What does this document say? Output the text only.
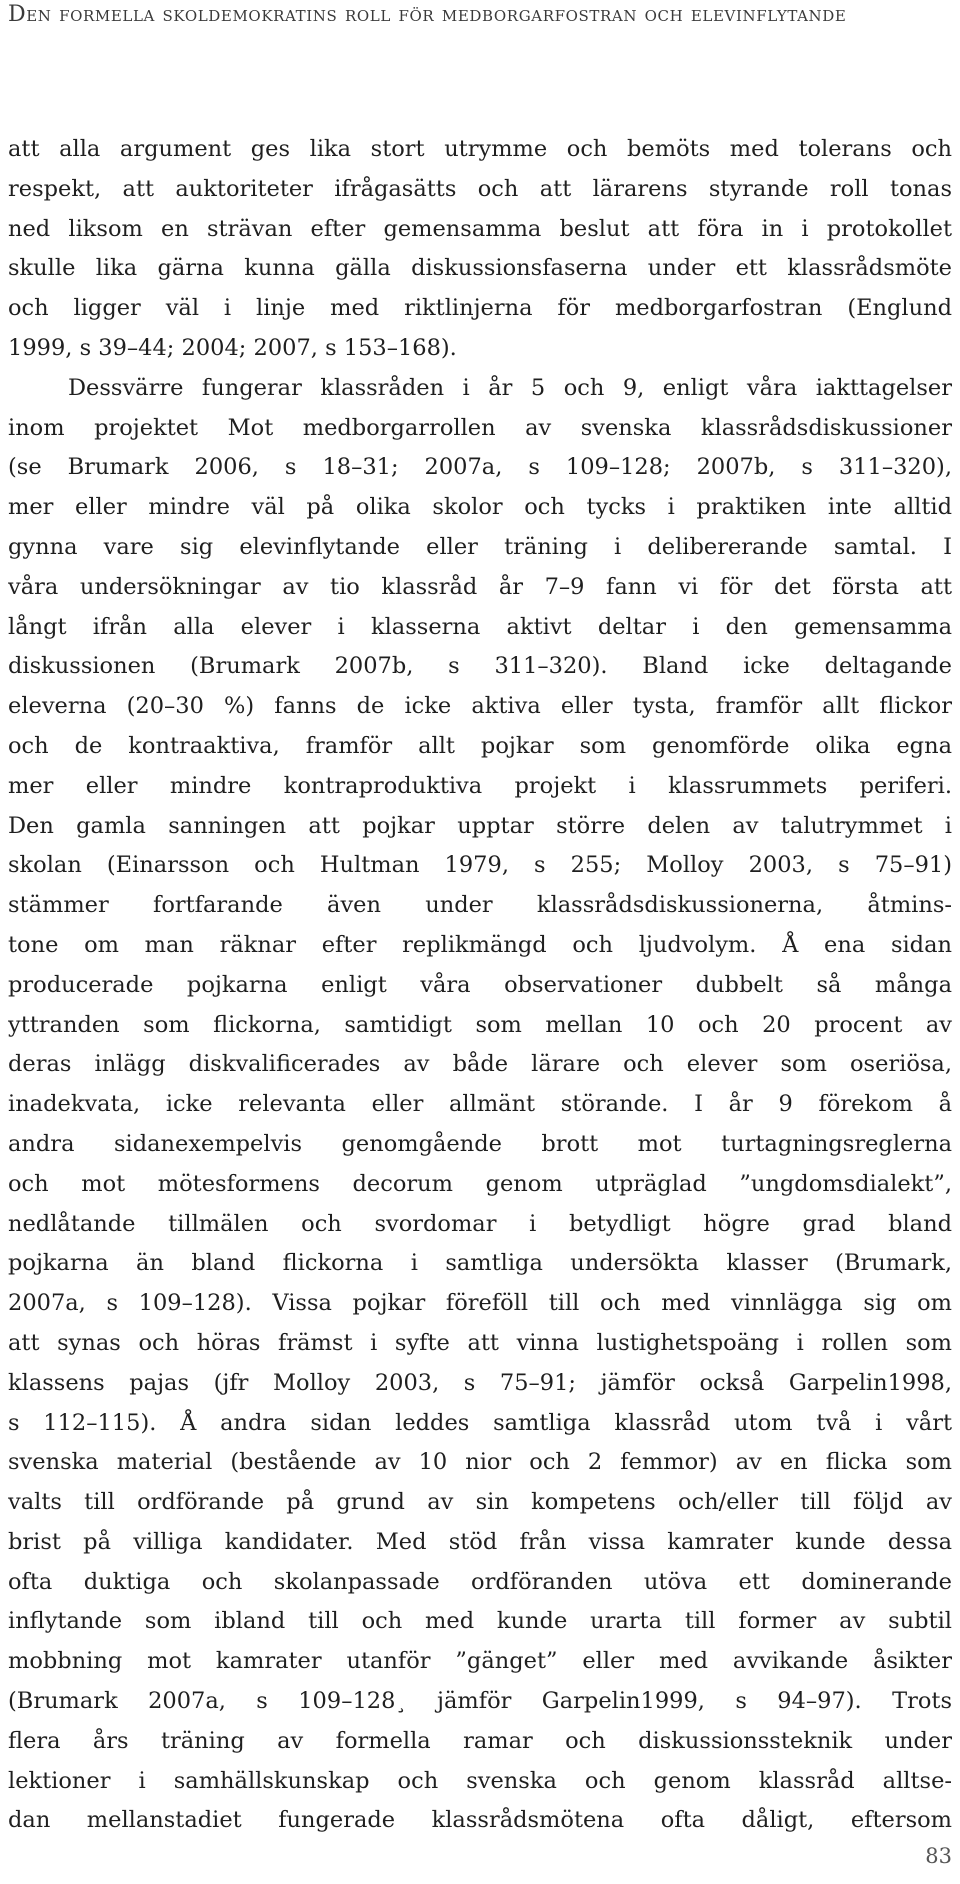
Den formella skoldemokratins roll för medborgarfostran och elevinflytande
att alla argument ges lika stort utrymme och bemöts med tolerans och
respekt, att auktoriteter ifrågasätts och att lärarens styrande roll tonas
ned liksom en strävan efter gemensamma beslut att föra in i protokollet
skulle lika gärna kunna gälla diskussionsfaserna under ett klassrådsmöte
och ligger väl i linje med riktlinjerna för medborgarfostran (Englund
1999, s 39–44; 2004; 2007, s 153–168).
Dessvärre fungerar klassråden i år 5 och 9, enligt våra iakttagelser
inom projektet Mot medborgarrollen av svenska klassrådsdiskussioner
(se Brumark 2006, s 18–31; 2007a, s 109–128; 2007b, s 311–320),
mer eller mindre väl på olika skolor och tycks i praktiken inte alltid
gynna vare sig elevinflytande eller träning i delibererande samtal. I
våra undersökningar av tio klassråd år 7–9 fann vi för det första att
långt ifrån alla elever i klasserna aktivt deltar i den gemensamma
diskussionen (Brumark 2007b, s 311–320). Bland icke deltagande
eleverna (20–30 %) fanns de icke aktiva eller tysta, framför allt flickor
och de kontraaktiva, framför allt pojkar som genomförde olika egna
mer eller mindre kontraproduktiva projekt i klassrummets periferi.
Den gamla sanningen att pojkar upptar större delen av talutrymmet i
skolan (Einarsson och Hultman 1979, s 255; Molloy 2003, s 75–91)
stämmer fortfarande även under klassrådsdiskussionerna, åtmins-
tone om man räknar efter replikmängd och ljudvolym. Å ena sidan
producerade pojkarna enligt våra observationer dubbelt så många
yttranden som flickorna, samtidigt som mellan 10 och 20 procent av
deras inlägg diskvalificerades av både lärare och elever som oseriösa,
inadekvata, icke relevanta eller allmänt störande. I år 9 förekom å
andra sidanexempelvis genomgående brott mot turtagningsreglerna
och mot mötesformens decorum genom utpräglad ”ungdomsdialekt”,
nedlåtande tillmälen och svordomar i betydligt högre grad bland
pojkarna än bland flickorna i samtliga undersökta klasser (Brumark,
2007a, s 109–128). Vissa pojkar föreföll till och med vinnlägga sig om
att synas och höras främst i syfte att vinna lustighetspoäng i rollen som
klassens pajas (jfr Molloy 2003, s 75–91; jämför också Garpelin1998,
s 112–115). Å andra sidan leddes samtliga klassråd utom två i vårt
svenska material (bestående av 10 nior och 2 femmor) av en flicka som
valts till ordförande på grund av sin kompetens och/eller till följd av
brist på villiga kandidater. Med stöd från vissa kamrater kunde dessa
ofta duktiga och skolanpassade ordföranden utöva ett dominerande
inflytande som ibland till och med kunde urarta till former av subtil
mobbning mot kamrater utanför ”gänget” eller med avvikande åsikter
(Brumark 2007a, s 109–128¸ jämför Garpelin1999, s 94–97). Trots
flera års träning av formella ramar och diskussionssteknik under
lektioner i samhällskunskap och svenska och genom klassråd alltse-
dan mellanstadiet fungerade klassrådsmötena ofta dåligt, eftersom
83
